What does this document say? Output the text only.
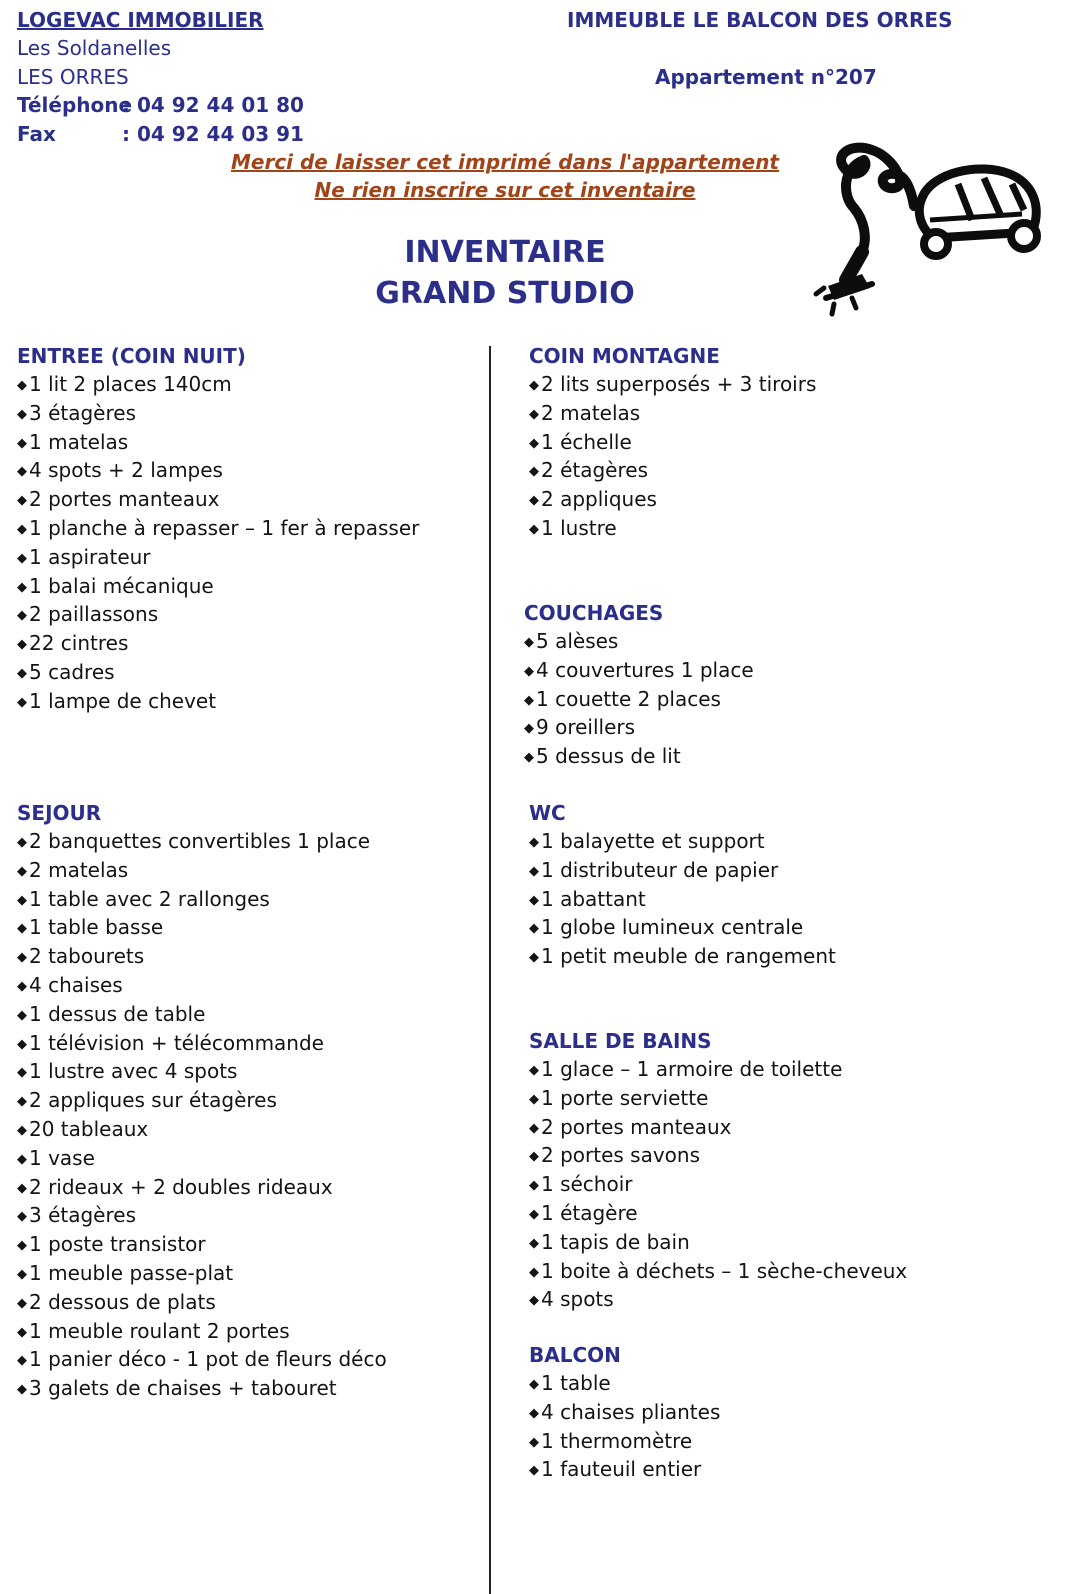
LOGEVAC IMMOBILIER
Les Soldanelles
LES ORRES
Téléphone
: 04 92 44 01 80
Fax	: 04 92 44 03 91
IMMEUBLE LE BALCON DES ORRES
Appartement n°207
Merci de laisser cet imprimé dans l'appartement
Ne rien inscrire sur cet inventaire
INVENTAIRE
GRAND STUDIO
ENTREE (COIN NUIT)
◆ 1 lit 2 places 140cm
◆ 3 étagères
◆ 1 matelas
◆ 4 spots + 2 lampes
◆ 2 portes manteaux
◆ 1 planche à repasser – 1 fer à repasser
◆ 1 aspirateur
◆ 1 balai mécanique
◆ 2 paillassons
◆ 22 cintres
◆ 5 cadres
◆ 1 lampe de chevet
SEJOUR
◆ 2 banquettes convertibles 1 place
◆ 2 matelas
◆ 1 table avec 2 rallonges
◆ 1 table basse
◆ 2 tabourets
◆ 4 chaises
◆ 1 dessus de table
◆ 1 télévision + télécommande
◆ 1 lustre avec 4 spots
◆ 2 appliques sur étagères
◆ 20 tableaux
◆ 1 vase
◆ 2 rideaux + 2 doubles rideaux
◆ 3 étagères
◆ 1 poste transistor
◆ 1 meuble passe-plat
◆ 2 dessous de plats
◆ 1 meuble roulant 2 portes
◆ 1 panier déco - 1 pot de fleurs déco
◆ 3 galets de chaises + tabouret
COIN MONTAGNE
◆ 2 lits superposés + 3 tiroirs
◆ 2 matelas
◆ 1 échelle
◆ 2 étagères
◆ 2 appliques
◆ 1 lustre
COUCHAGES
◆ 5 alèses
◆ 4 couvertures 1 place
◆ 1 couette 2 places
◆ 9 oreillers
◆ 5 dessus de lit
WC
◆ 1 balayette et support
◆ 1 distributeur de papier
◆ 1 abattant
◆ 1 globe lumineux centrale
◆ 1 petit meuble de rangement
SALLE DE BAINS
◆ 1 glace – 1 armoire de toilette
◆ 1 porte serviette
◆ 2 portes manteaux
◆ 2 portes savons
◆ 1 séchoir
◆ 1 étagère
◆ 1 tapis de bain
◆ 1 boite à déchets – 1 sèche-cheveux
◆ 4 spots
BALCON
◆ 1 table
◆ 4 chaises pliantes
◆ 1 thermomètre
◆ 1 fauteuil entier
